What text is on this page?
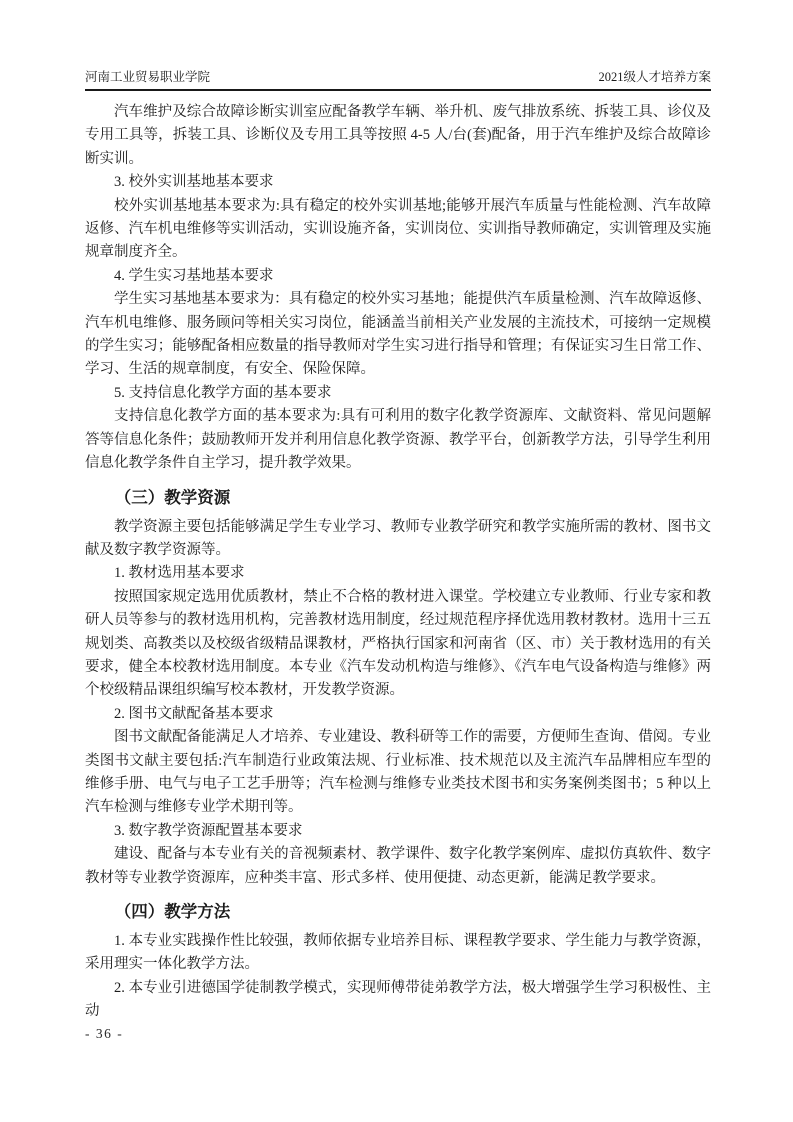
河南工业贸易职业学院	2021级人才培养方案

汽车维护及综合故障诊断实训室应配备教学车辆、举升机、废气排放系统、拆装工具、诊仪及专用工具等，拆装工具、诊断仪及专用工具等按照 4-5 人/台(套)配备，用于汽车维护及综合故障诊断实训。

3. 校外实训基地基本要求

校外实训基地基本要求为:具有稳定的校外实训基地;能够开展汽车质量与性能检测、汽车故障返修、汽车机电维修等实训活动，实训设施齐备，实训岗位、实训指导教师确定，实训管理及实施规章制度齐全。

4. 学生实习基地基本要求

学生实习基地基本要求为：具有稳定的校外实习基地；能提供汽车质量检测、汽车故障返修、汽车机电维修、服务顾问等相关实习岗位，能涵盖当前相关产业发展的主流技术，可接纳一定规模的学生实习；能够配备相应数量的指导教师对学生实习进行指导和管理；有保证实习生日常工作、学习、生活的规章制度，有安全、保险保障。

5. 支持信息化教学方面的基本要求

支持信息化教学方面的基本要求为:具有可利用的数字化教学资源库、文献资料、常见问题解答等信息化条件；鼓励教师开发并利用信息化教学资源、教学平台，创新教学方法，引导学生利用信息化教学条件自主学习，提升教学效果。

（三）教学资源

教学资源主要包括能够满足学生专业学习、教师专业教学研究和教学实施所需的教材、图书文献及数字教学资源等。

1. 教材选用基本要求

按照国家规定选用优质教材，禁止不合格的教材进入课堂。学校建立专业教师、行业专家和教研人员等参与的教材选用机构，完善教材选用制度，经过规范程序择优选用教材教材。选用十三五规划类、高教类以及校级省级精品课教材，严格执行国家和河南省（区、市）关于教材选用的有关要求，健全本校教材选用制度。本专业《汽车发动机构造与维修》、《汽车电气设备构造与维修》两个校级精品课组织编写校本教材，开发教学资源。

2. 图书文献配备基本要求

图书文献配备能满足人才培养、专业建设、教科研等工作的需要，方便师生查询、借阅。专业类图书文献主要包括:汽车制造行业政策法规、行业标准、技术规范以及主流汽车品牌相应车型的维修手册、电气与电子工艺手册等；汽车检测与维修专业类技术图书和实务案例类图书；5 种以上汽车检测与维修专业学术期刊等。

3. 数字教学资源配置基本要求

建设、配备与本专业有关的音视频素材、教学课件、数字化教学案例库、虚拟仿真软件、数字教材等专业教学资源库，应种类丰富、形式多样、使用便捷、动态更新，能满足教学要求。

（四）教学方法

1. 本专业实践操作性比较强，教师依据专业培养目标、课程教学要求、学生能力与教学资源，采用理实一体化教学方法。

2. 本专业引进德国学徒制教学模式，实现师傅带徒弟教学方法，极大增强学生学习积极性、主动

- 36 -
